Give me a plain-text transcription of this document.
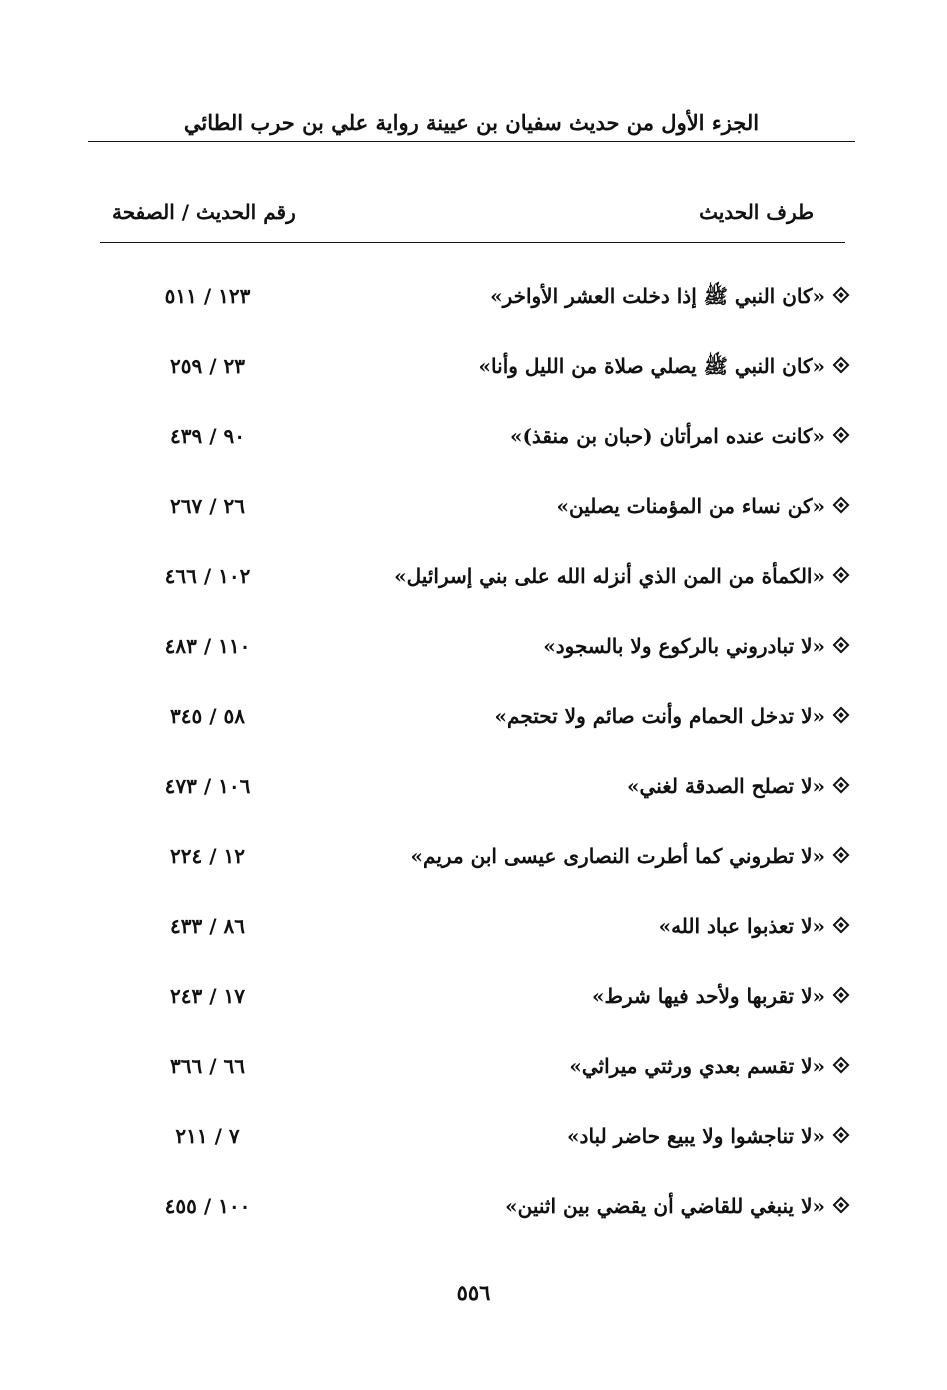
الجزء الأول من حديث سفيان بن عيينة رواية علي بن حرب الطائي
طرف الحديث
رقم الحديث / الصفحة
«كان النبي ﷺ إذا دخلت العشر الأواخر»
١٢٣ / ٥١١
«كان النبي ﷺ يصلي صلاة من الليل وأنا»
٢٣ / ٢٥٩
«كانت عنده امرأتان (حبان بن منقذ)»
٩٠ / ٤٣٩
«كن نساء من المؤمنات يصلين»
٢٦ / ٢٦٧
«الكمأة من المن الذي أنزله الله على بني إسرائيل»
١٠٢ / ٤٦٦
«لا تبادروني بالركوع ولا بالسجود»
١١٠ / ٤٨٣
«لا تدخل الحمام وأنت صائم ولا تحتجم»
٥٨ / ٣٤٥
«لا تصلح الصدقة لغني»
١٠٦ / ٤٧٣
«لا تطروني كما أطرت النصارى عيسى ابن مريم»
١٢ / ٢٢٤
«لا تعذبوا عباد الله»
٨٦ / ٤٣٣
«لا تقربها ولأحد فيها شرط»
١٧ / ٢٤٣
«لا تقسم بعدي ورثتي ميراثي»
٦٦ / ٣٦٦
«لا تناجشوا ولا يبيع حاضر لباد»
٧ / ٢١١
«لا ينبغي للقاضي أن يقضي بين اثنين»
١٠٠ / ٤٥٥
٥٥٦
